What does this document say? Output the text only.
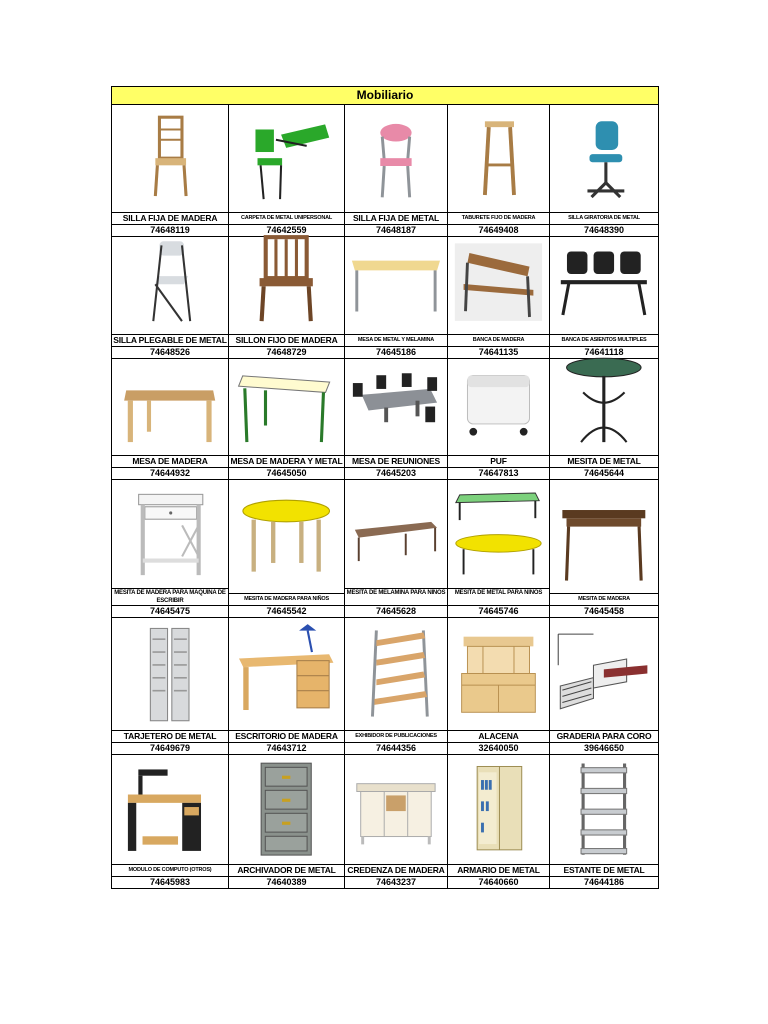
Mobiliario
SILLA FIJA DE MADERA
74648119
CARPETA DE METAL UNIPERSONAL
74642559
SILLA FIJA DE METAL
74648187
TABURETE FIJO DE MADERA
74649408
SILLA GIRATORIA DE METAL
74648390
SILLA PLEGABLE DE METAL
74648526
SILLON FIJO DE MADERA
74648729
MESA DE METAL Y MELAMINA
74645186
BANCA DE MADERA
74641135
BANCA DE ASIENTOS MULTIPLES
74641118
MESA DE MADERA
74644932
MESA DE MADERA Y METAL
74645050
MESA DE REUNIONES
74645203
PUF
74647813
MESITA DE METAL
74645644
MESITA DE MADERA PARA MAQUINA DE ESCRIBIR
74645475
MESITA DE MADERA PARA NIÑOS
74645542
MESITA DE MELAMINA PARA NIÑOS
74645628
MESITA DE METAL PARA NIÑOS
74645746
MESITA DE MADERA
74645458
TARJETERO DE METAL
74649679
ESCRITORIO DE MADERA
74643712
EXHIBIDOR DE PUBLICACIONES
74644356
ALACENA
32640050
GRADERIA PARA CORO
39646650
MODULO DE COMPUTO (OTROS)
74645983
ARCHIVADOR DE METAL
74640389
CREDENZA DE MADERA
74643237
ARMARIO DE METAL
74640660
ESTANTE DE METAL
74644186
